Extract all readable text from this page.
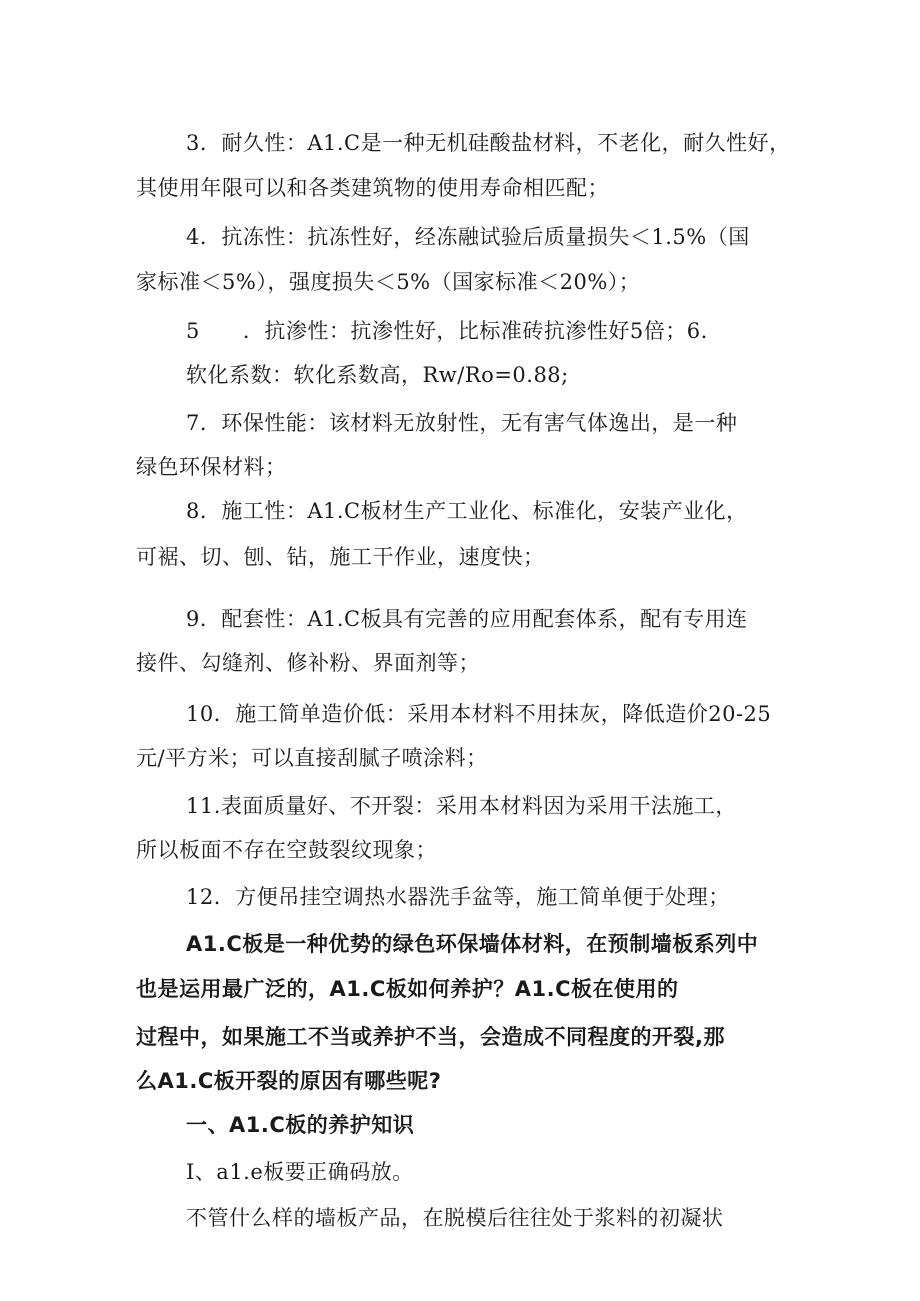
3．耐久性：A1.C是一种无机硅酸盐材料，不老化，耐久性好，
其使用年限可以和各类建筑物的使用寿命相匹配；
4．抗冻性：抗冻性好，经冻融试验后质量损失＜1.5%（国
家标准＜5%），强度损失＜5%（国家标准＜20%）；
5　　．抗渗性：抗渗性好，比标准砖抗渗性好5倍；6.
软化系数：软化系数高，Rw/Ro=0.88;
7．环保性能：该材料无放射性，无有害气体逸出，是一种
绿色环保材料；
8．施工性：A1.C板材生产工业化、标准化，安装产业化，
可裾、切、刨、钻，施工干作业，速度快；
9．配套性：A1.C板具有完善的应用配套体系，配有专用连
接件、勾缝剂、修补粉、界面剂等；
10．施工简单造价低：采用本材料不用抹灰，降低造价20-25
元/平方米；可以直接刮腻子喷涂料；
11.表面质量好、不开裂：采用本材料因为采用干法施工，
所以板面不存在空鼓裂纹现象；
12．方便吊挂空调热水器洗手盆等，施工简单便于处理；
A1.C板是一种优势的绿色环保墙体材料，在预制墙板系列中
也是运用最广泛的，A1.C板如何养护？A1.C板在使用的
过程中，如果施工不当或养护不当，会造成不同程度的开裂,那
么A1.C板开裂的原因有哪些呢?
一、A1.C板的养护知识
I、a1.e板要正确码放。
不管什么样的墙板产品，在脱模后往往处于浆料的初凝状
